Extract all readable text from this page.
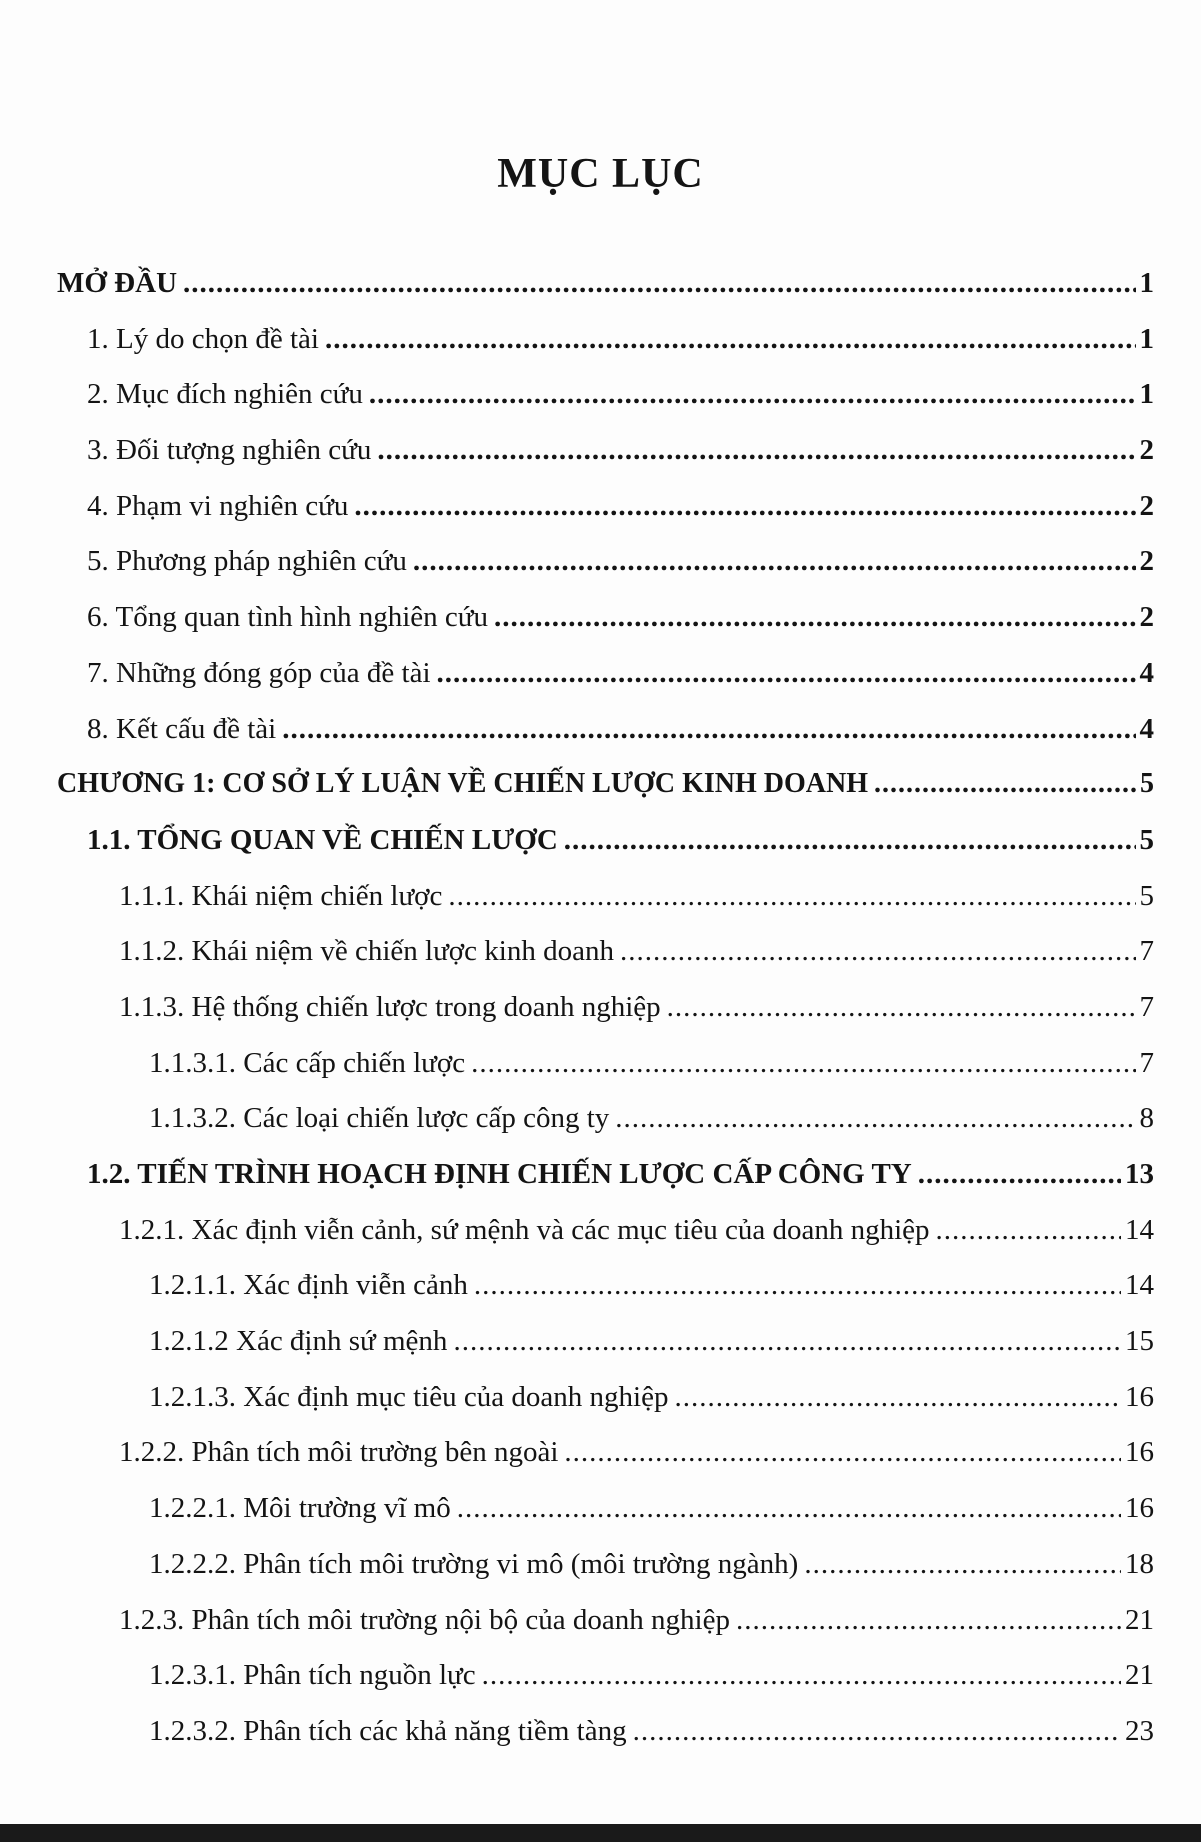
MỤC LỤC
MỞ ĐẦU .....	1
1. Lý do chọn đề tài .....	1
2. Mục đích nghiên cứu .....	1
3. Đối tượng nghiên cứu .....	2
4. Phạm vi nghiên cứu .....	2
5. Phương pháp nghiên cứu .....	2
6. Tổng quan tình hình nghiên cứu .....	2
7. Những đóng góp của đề tài .....	4
8. Kết cấu đề tài .....	4
CHƯƠNG 1: CƠ SỞ LÝ LUẬN VỀ CHIẾN LƯỢC KINH DOANH .....	5
1.1. TỔNG QUAN VỀ CHIẾN LƯỢC .....	5
1.1.1. Khái niệm chiến lược .....	5
1.1.2. Khái niệm về chiến lược kinh doanh .....	7
1.1.3. Hệ thống chiến lược trong doanh nghiệp .....	7
1.1.3.1. Các cấp chiến lược .....	7
1.1.3.2. Các loại chiến lược cấp công ty .....	8
1.2. TIẾN TRÌNH HOẠCH ĐỊNH CHIẾN LƯỢC CẤP CÔNG TY .....	13
1.2.1. Xác định viễn cảnh, sứ mệnh và các mục tiêu của doanh nghiệp .....	14
1.2.1.1. Xác định viễn cảnh .....	14
1.2.1.2 Xác định sứ mệnh .....	15
1.2.1.3. Xác định mục tiêu của doanh nghiệp .....	16
1.2.2. Phân tích môi trường bên ngoài .....	16
1.2.2.1. Môi trường vĩ mô .....	16
1.2.2.2. Phân tích môi trường vi mô (môi trường ngành) .....	18
1.2.3. Phân tích môi trường nội bộ của doanh nghiệp .....	21
1.2.3.1. Phân tích nguồn lực .....	21
1.2.3.2. Phân tích các khả năng tiềm tàng .....	23
